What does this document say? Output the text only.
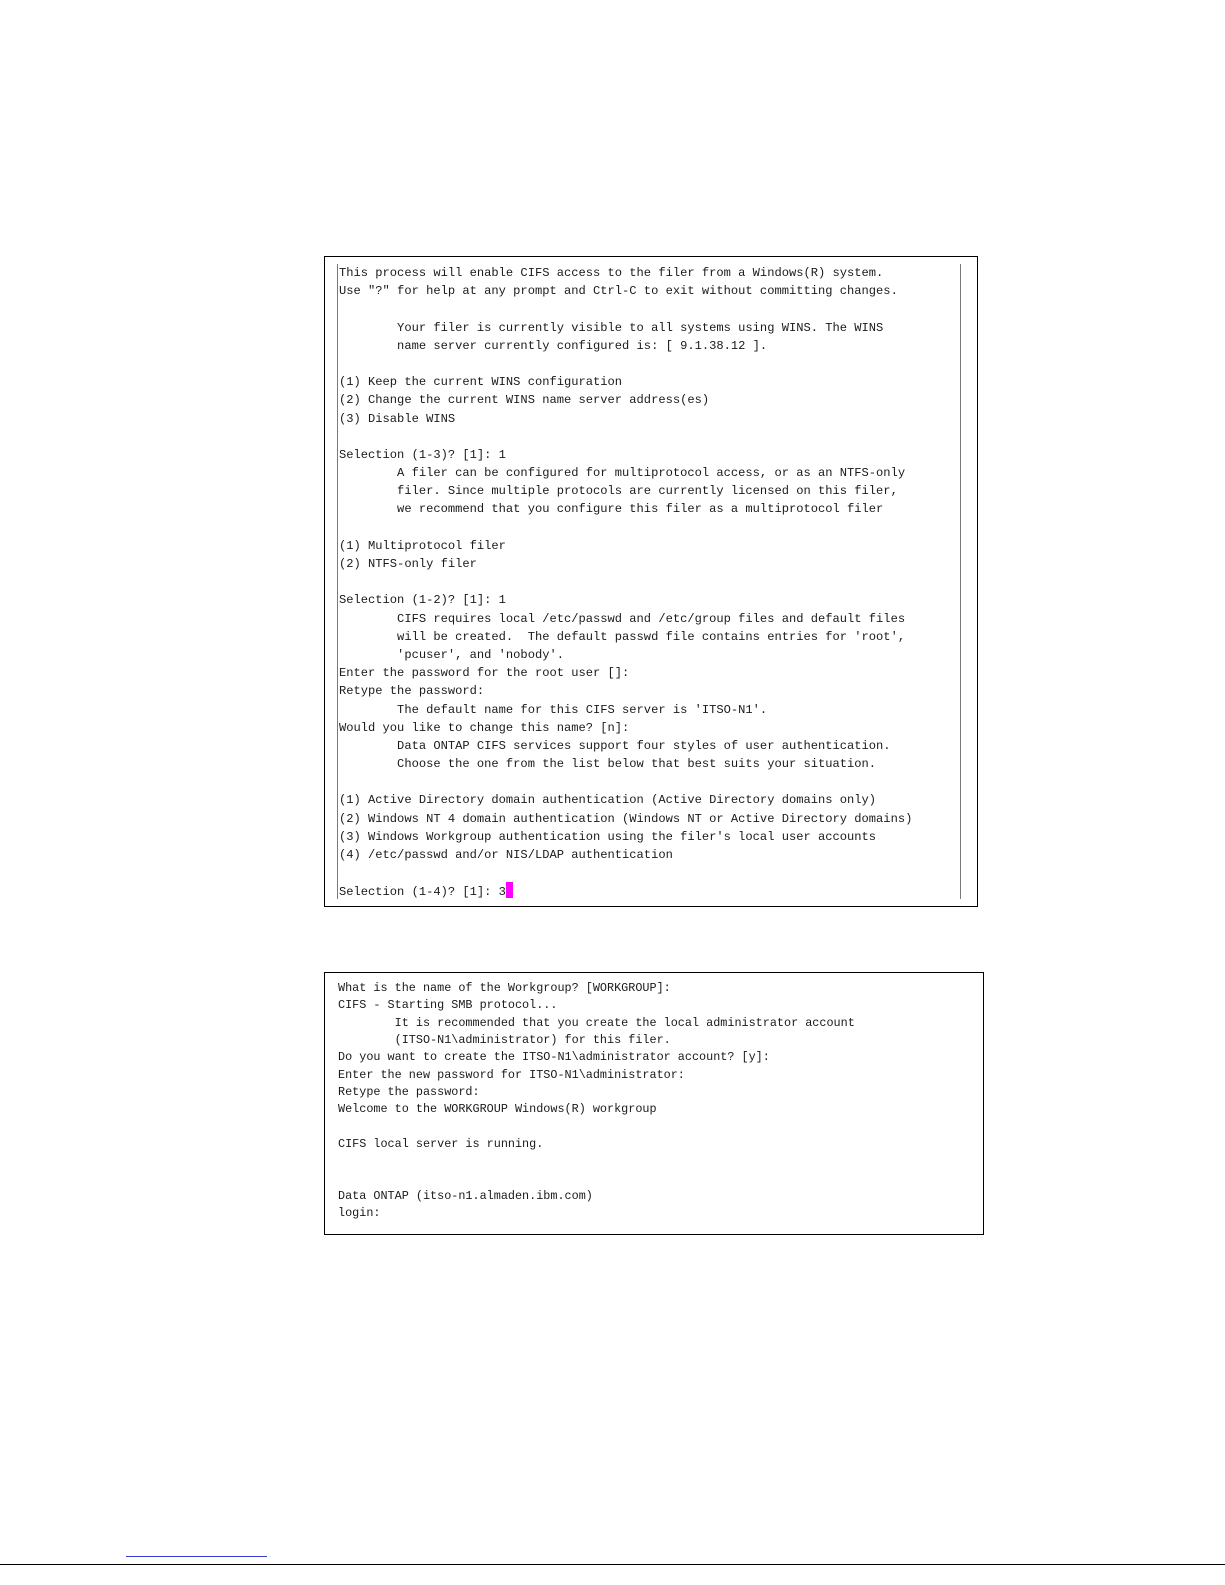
This process will enable CIFS access to the filer from a Windows(R) system.
Use "?" for help at any prompt and Ctrl-C to exit without committing changes.
Your filer is currently visible to all systems using WINS. The WINS
name server currently configured is: [ 9.1.38.12 ].
(1) Keep the current WINS configuration
(2) Change the current WINS name server address(es)
(3) Disable WINS
Selection (1-3)? [1]: 1
A filer can be configured for multiprotocol access, or as an NTFS-only
filer. Since multiple protocols are currently licensed on this filer,
we recommend that you configure this filer as a multiprotocol filer
(1) Multiprotocol filer
(2) NTFS-only filer
Selection (1-2)? [1]: 1
CIFS requires local /etc/passwd and /etc/group files and default files
will be created.  The default passwd file contains entries for 'root',
'pcuser', and 'nobody'.
Enter the password for the root user []:
Retype the password:
The default name for this CIFS server is 'ITSO-N1'.
Would you like to change this name? [n]:
Data ONTAP CIFS services support four styles of user authentication.
Choose the one from the list below that best suits your situation.
(1) Active Directory domain authentication (Active Directory domains only)
(2) Windows NT 4 domain authentication (Windows NT or Active Directory domains)
(3) Windows Workgroup authentication using the filer's local user accounts
(4) /etc/passwd and/or NIS/LDAP authentication
Selection (1-4)? [1]: 3
What is the name of the Workgroup? [WORKGROUP]:
CIFS - Starting SMB protocol...
It is recommended that you create the local administrator account
(ITSO-N1\administrator) for this filer.
Do you want to create the ITSO-N1\administrator account? [y]:
Enter the new password for ITSO-N1\administrator:
Retype the password:
Welcome to the WORKGROUP Windows(R) workgroup
CIFS local server is running.
Data ONTAP (itso-n1.almaden.ibm.com)
login:
